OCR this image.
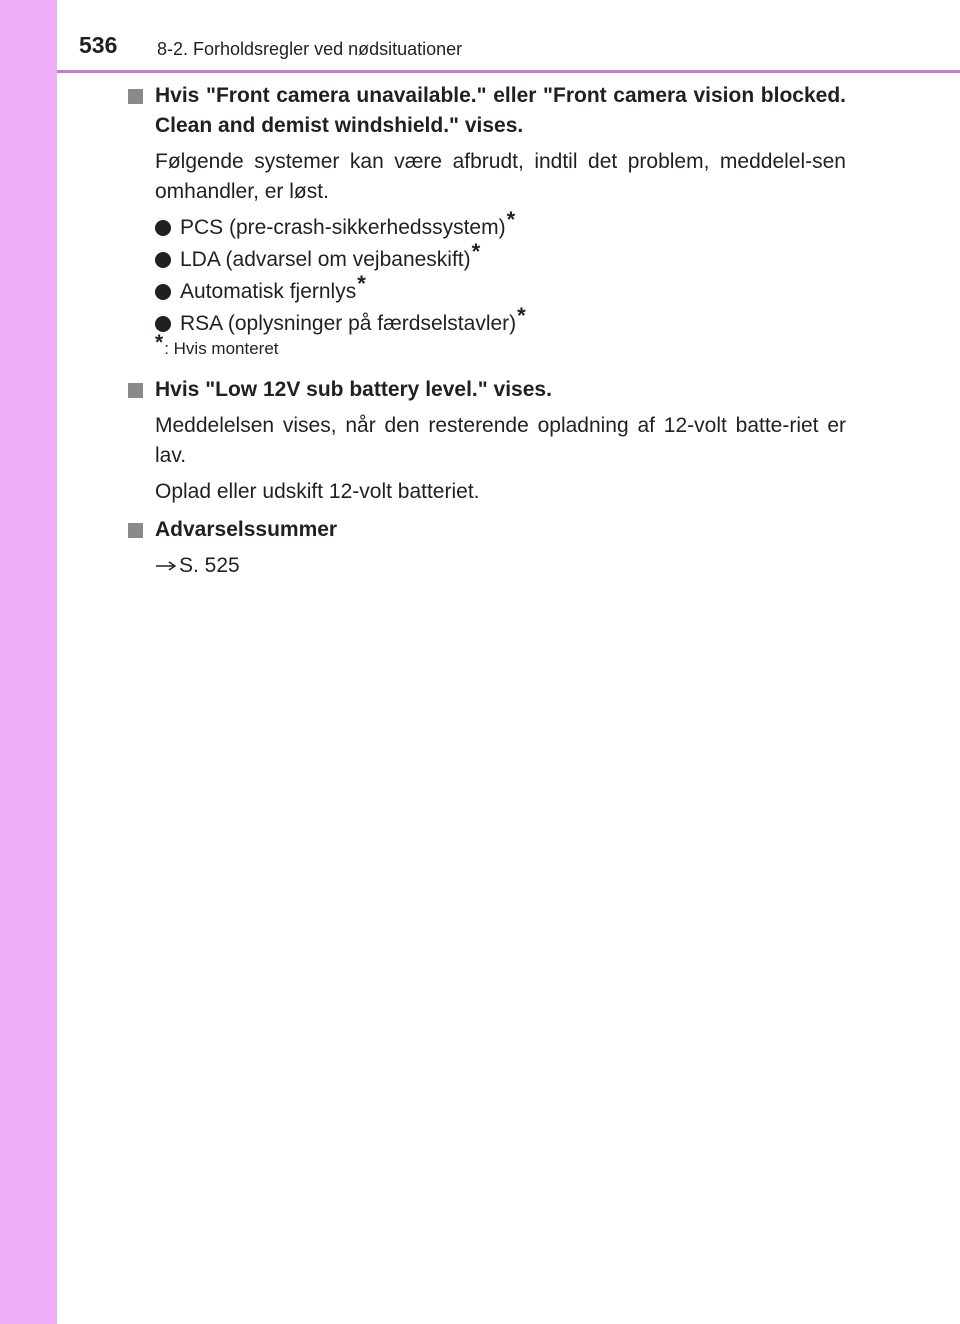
536 8-2. Forholdsregler ved nødsituationer
Hvis "Front camera unavailable." eller "Front camera vision blocked. Clean and demist windshield." vises.
Følgende systemer kan være afbrudt, indtil det problem, meddelel-sen omhandler, er løst.
PCS (pre-crash-sikkerhedssystem)*
LDA (advarsel om vejbaneskift)*
Automatisk fjernlys*
RSA (oplysninger på færdselstavler)*
*: Hvis monteret
Hvis "Low 12V sub battery level." vises.
Meddelelsen vises, når den resterende opladning af 12-volt batte-riet er lav.
Oplad eller udskift 12-volt batteriet.
Advarselssummer
S. 525
